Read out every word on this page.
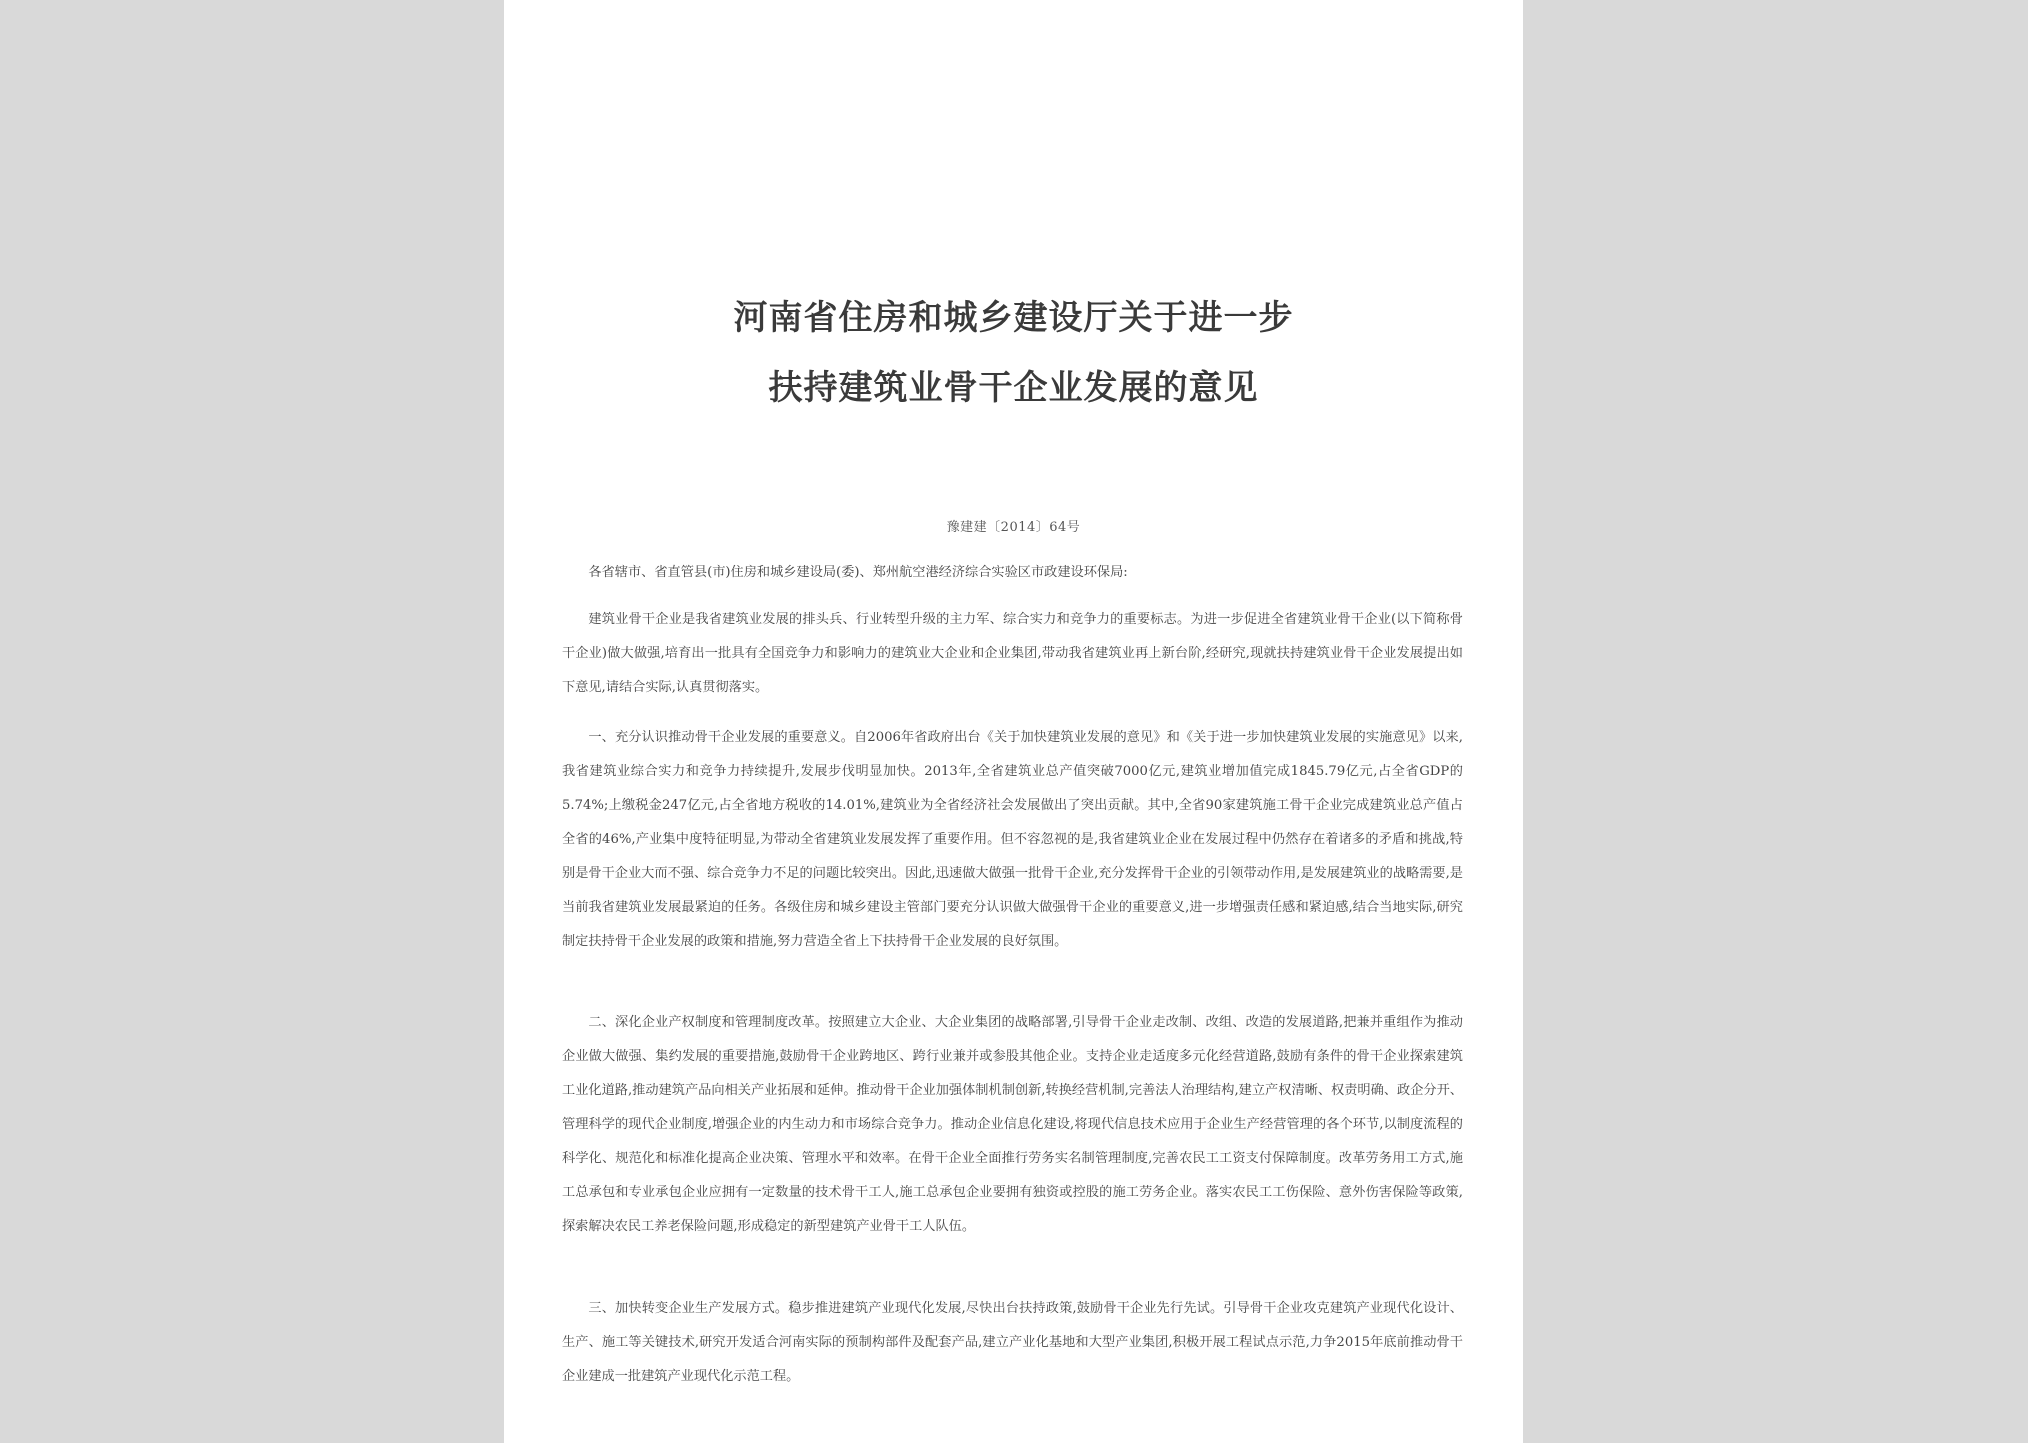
河南省住房和城乡建设厅关于进一步
扶持建筑业骨干企业发展的意见
豫建建〔2014〕64号

各省辖市、省直管县(市)住房和城乡建设局(委)、郑州航空港经济综合实验区市政建设环保局:

建筑业骨干企业是我省建筑业发展的排头兵、行业转型升级的主力军、综合实力和竞争力的重要标志。为进一步促进全省建筑业骨干企业(以下简称骨干企业)做大做强,培育出一批具有全国竞争力和影响力的建筑业大企业和企业集团,带动我省建筑业再上新台阶,经研究,现就扶持建筑业骨干企业发展提出如下意见,请结合实际,认真贯彻落实。

一、充分认识推动骨干企业发展的重要意义。自2006年省政府出台《关于加快建筑业发展的意见》和《关于进一步加快建筑业发展的实施意见》以来,我省建筑业综合实力和竞争力持续提升,发展步伐明显加快。2013年,全省建筑业总产值突破7000亿元,建筑业增加值完成1845.79亿元,占全省GDP的5.74%;上缴税金247亿元,占全省地方税收的14.01%,建筑业为全省经济社会发展做出了突出贡献。其中,全省90家建筑施工骨干企业完成建筑业总产值占全省的46%,产业集中度特征明显,为带动全省建筑业发展发挥了重要作用。但不容忽视的是,我省建筑业企业在发展过程中仍然存在着诸多的矛盾和挑战,特别是骨干企业大而不强、综合竞争力不足的问题比较突出。因此,迅速做大做强一批骨干企业,充分发挥骨干企业的引领带动作用,是发展建筑业的战略需要,是当前我省建筑业发展最紧迫的任务。各级住房和城乡建设主管部门要充分认识做大做强骨干企业的重要意义,进一步增强责任感和紧迫感,结合当地实际,研究制定扶持骨干企业发展的政策和措施,努力营造全省上下扶持骨干企业发展的良好氛围。

二、深化企业产权制度和管理制度改革。按照建立大企业、大企业集团的战略部署,引导骨干企业走改制、改组、改造的发展道路,把兼并重组作为推动企业做大做强、集约发展的重要措施,鼓励骨干企业跨地区、跨行业兼并或参股其他企业。支持企业走适度多元化经营道路,鼓励有条件的骨干企业探索建筑工业化道路,推动建筑产品向相关产业拓展和延伸。推动骨干企业加强体制机制创新,转换经营机制,完善法人治理结构,建立产权清晰、权责明确、政企分开、管理科学的现代企业制度,增强企业的内生动力和市场综合竞争力。推动企业信息化建设,将现代信息技术应用于企业生产经营管理的各个环节,以制度流程的科学化、规范化和标准化提高企业决策、管理水平和效率。在骨干企业全面推行劳务实名制管理制度,完善农民工工资支付保障制度。改革劳务用工方式,施工总承包和专业承包企业应拥有一定数量的技术骨干工人,施工总承包企业要拥有独资或控股的施工劳务企业。落实农民工工伤保险、意外伤害保险等政策,探索解决农民工养老保险问题,形成稳定的新型建筑产业骨干工人队伍。

三、加快转变企业生产发展方式。稳步推进建筑产业现代化发展,尽快出台扶持政策,鼓励骨干企业先行先试。引导骨干企业攻克建筑产业现代化设计、生产、施工等关键技术,研究开发适合河南实际的预制构部件及配套产品,建立产业化基地和大型产业集团,积极开展工程试点示范,力争2015年底前推动骨干企业建成一批建筑产业现代化示范工程。
